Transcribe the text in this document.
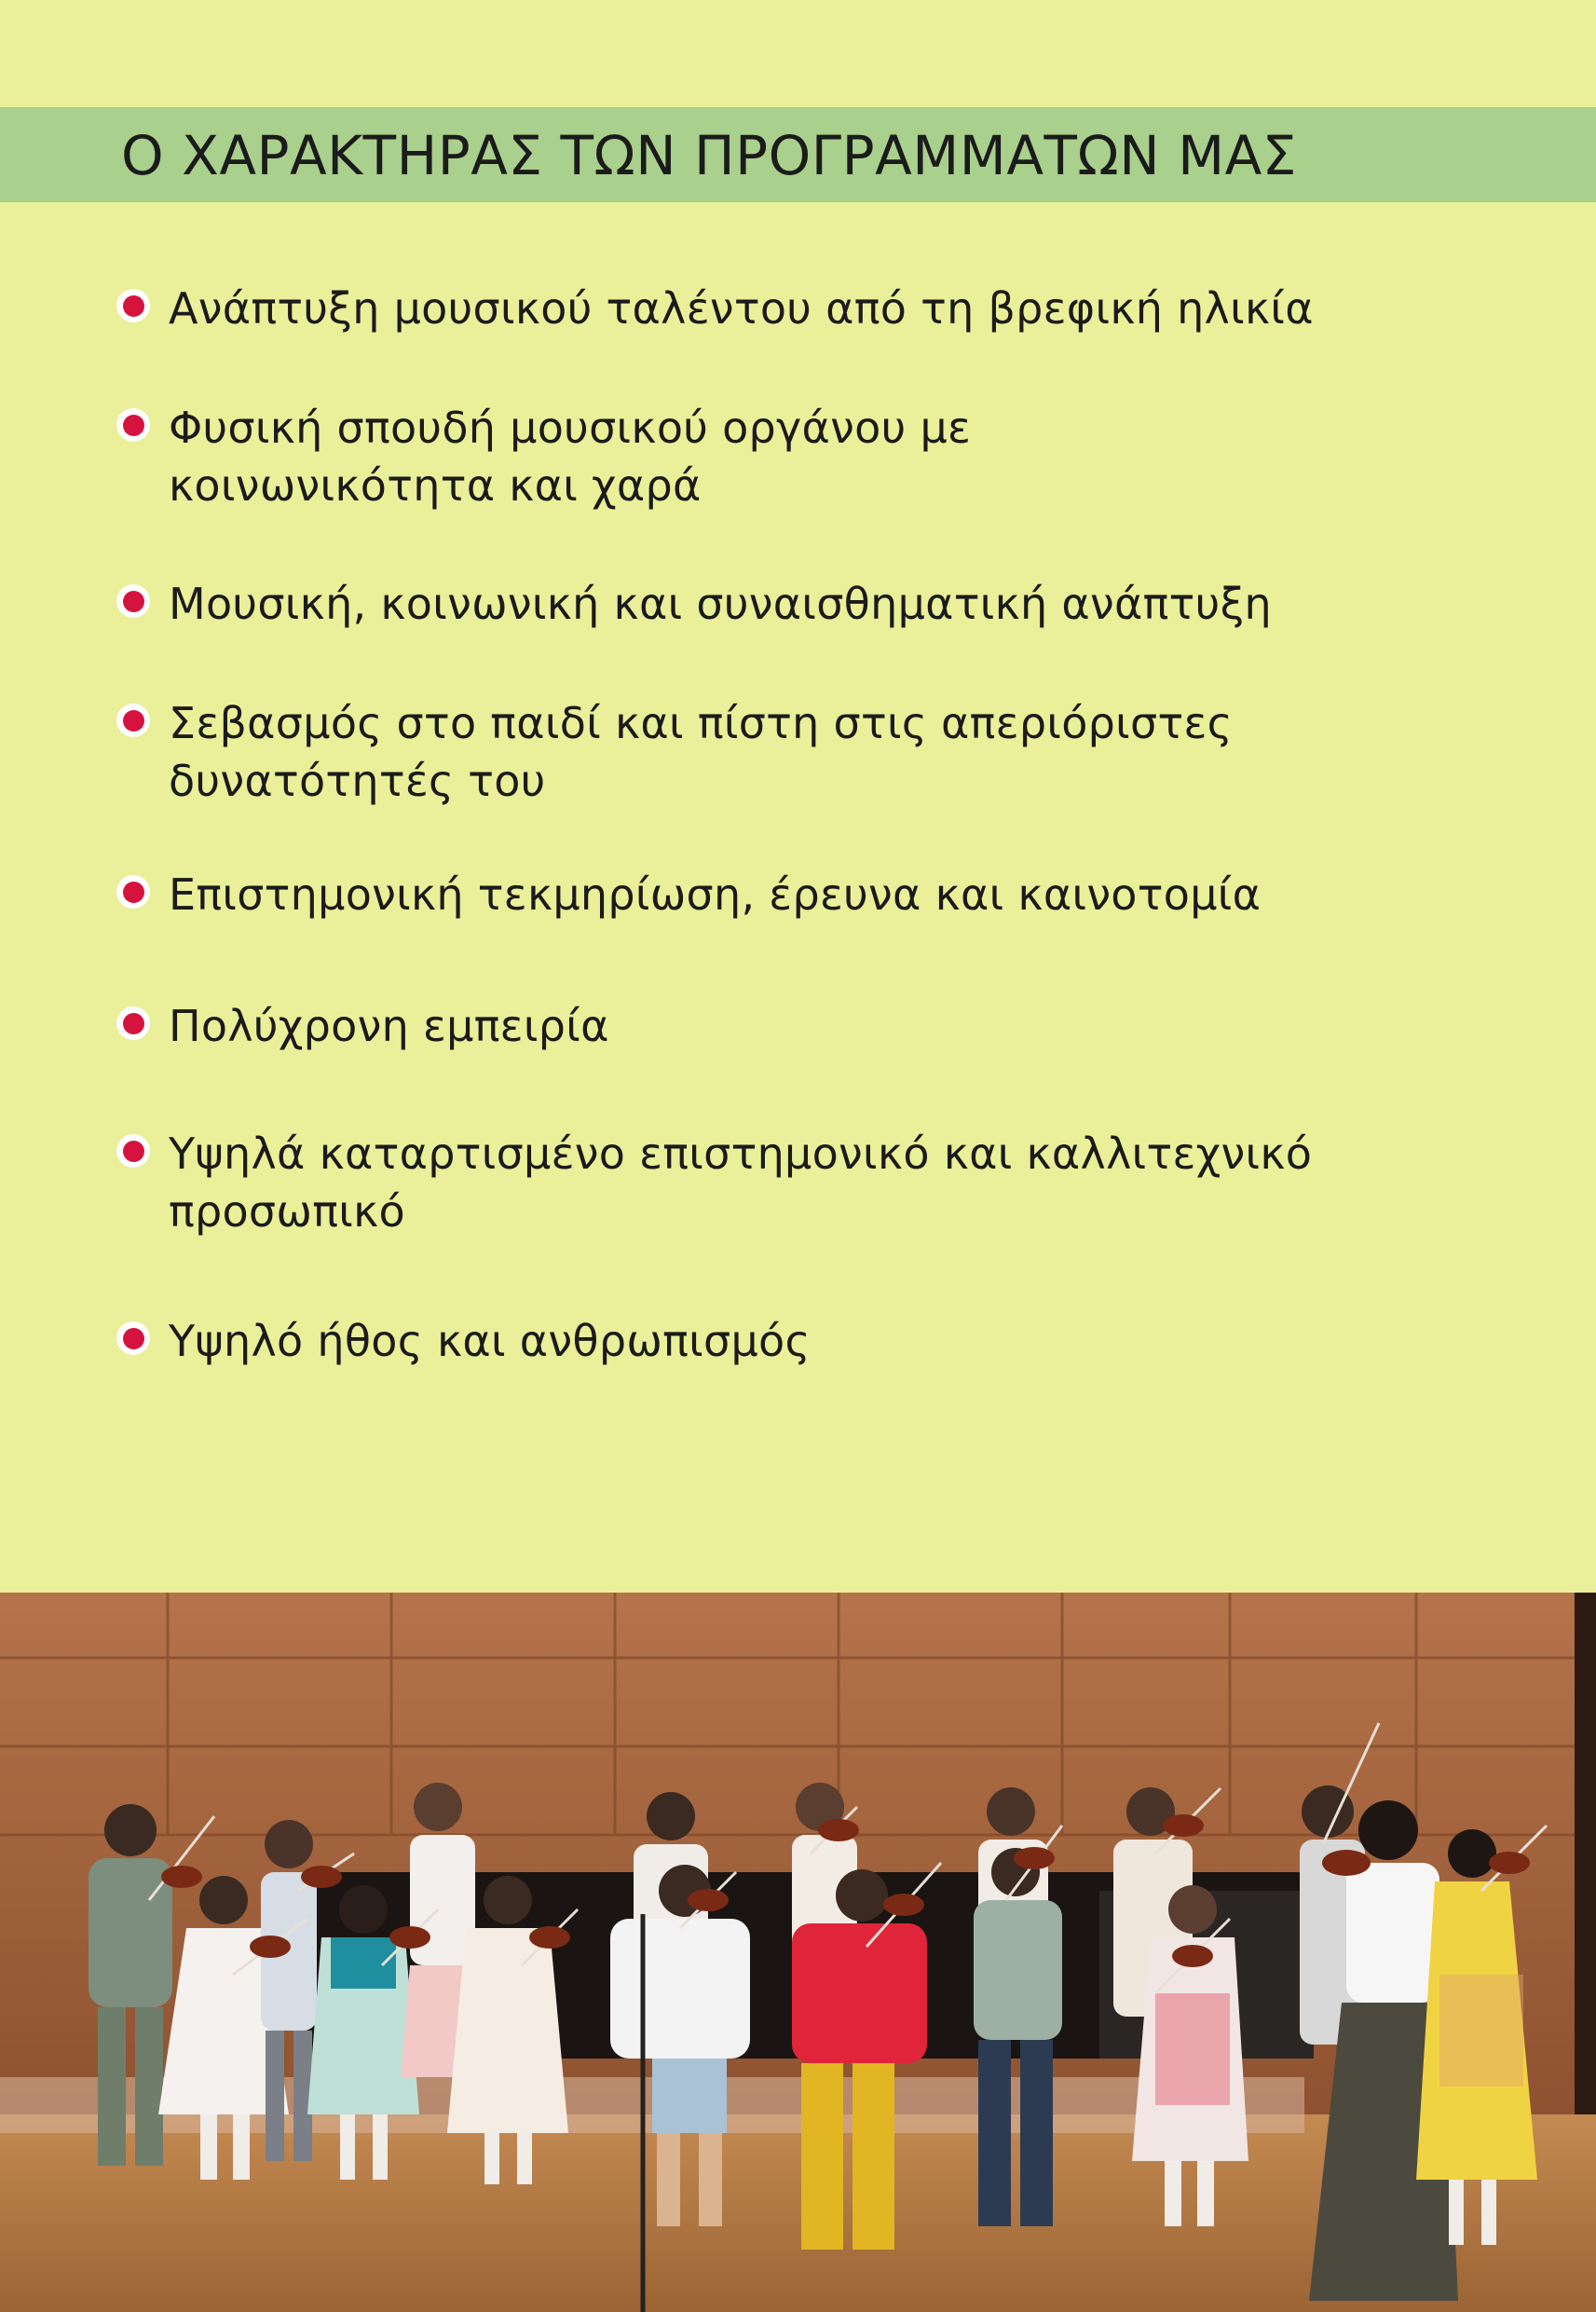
Ο ΧΑΡΑΚΤΗΡΑΣ ΤΩΝ ΠΡΟΓΡΑΜΜΑΤΩΝ ΜΑΣ
Ανάπτυξη μουσικού ταλέντου από τη βρεφική ηλικία
Φυσική σπουδή μουσικού οργάνου με κοινωνικότητα και χαρά
Μουσική, κοινωνική και συναισθηματική ανάπτυξη
Σεβασμός στο παιδί και πίστη στις απεριόριστες δυνατότητές του
Επιστημονική τεκμηρίωση, έρευνα και καινοτομία
Πολύχρονη εμπειρία
Υψηλά καταρτισμένο επιστημονικό και καλλιτεχνικό προσωπικό
Υψηλό ήθος και ανθρωπισμός
